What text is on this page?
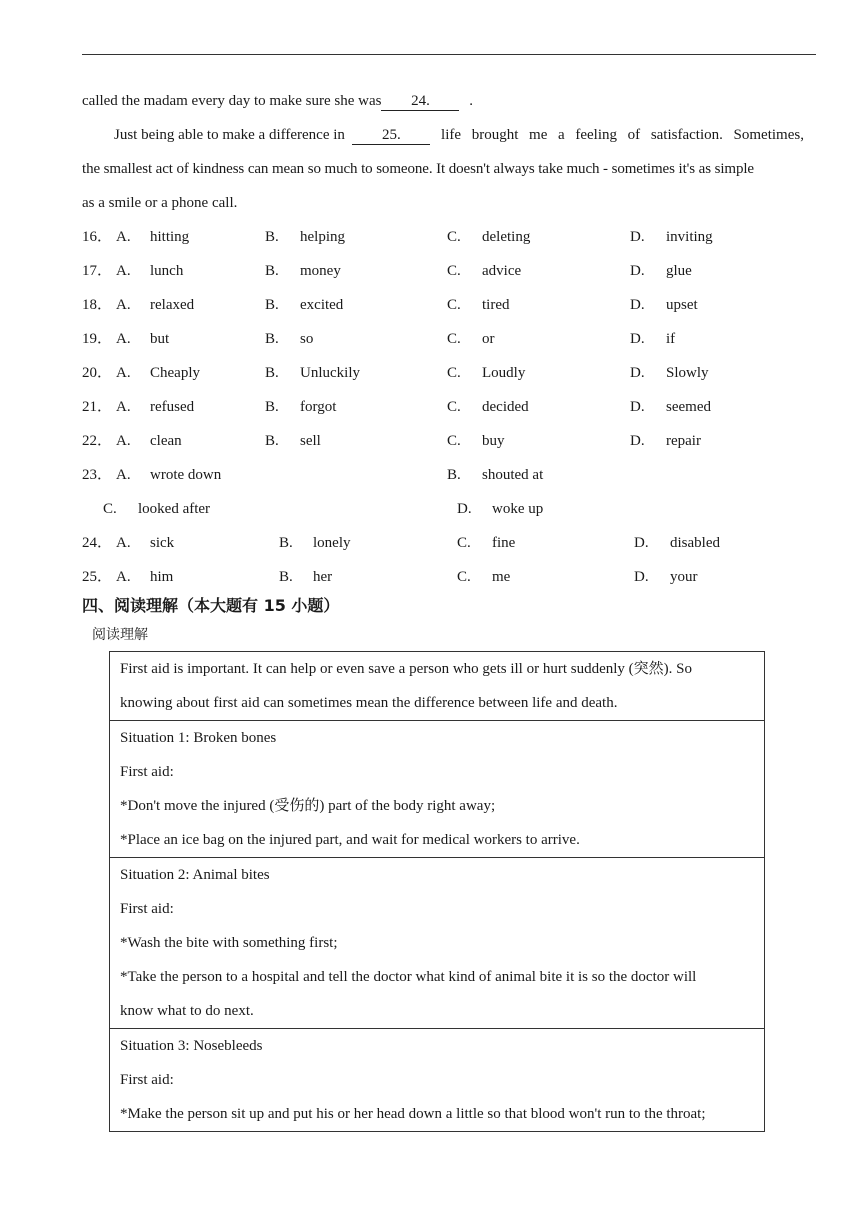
called the madam every day to make sure she was 24.	.
Just being able to make a difference in 25.	life brought me a feeling of satisfaction. Sometimes,
the smallest act of kindness can mean so much to someone. It doesn't always take much - sometimes it's as simple
as a smile or a phone call.
16． A. hitting	B. helping	C. deleting	D. inviting
17． A. lunch	B. money	C. advice	D. glue
18． A. relaxed	B. excited	C. tired	D. upset
19． A. but	B. so	C. or	D. if
20． A. Cheaply	B. Unluckily	C. Loudly	D. Slowly
21． A. refused	B. forgot	C. decided	D. seemed
22． A. clean	B. sell	C. buy	D. repair
23． A. wrote down	B. shouted at
C. looked after	D. woke up
24． A. sick	B. lonely	C. fine	D. disabled
25． A. him	B. her	C. me	D. your
四、阅读理解（本大题有 15 小题）
阅读理解

First aid is important. It can help or even save a person who gets ill or hurt suddenly (突然). So

knowing about first aid can sometimes mean the difference between life and death.

Situation 1: Broken bones

First aid:

*Don't move the injured (受伤的) part of the body right away;

*Place an ice bag on the injured part, and wait for medical workers to arrive.

Situation 2: Animal bites

First aid:

*Wash the bite with something first;

*Take the person to a hospital and tell the doctor what kind of animal bite it is so the doctor will

know what to do next.

Situation 3: Nosebleeds

First aid:

*Make the person sit up and put his or her head down a little so that blood won't run to the throat;
